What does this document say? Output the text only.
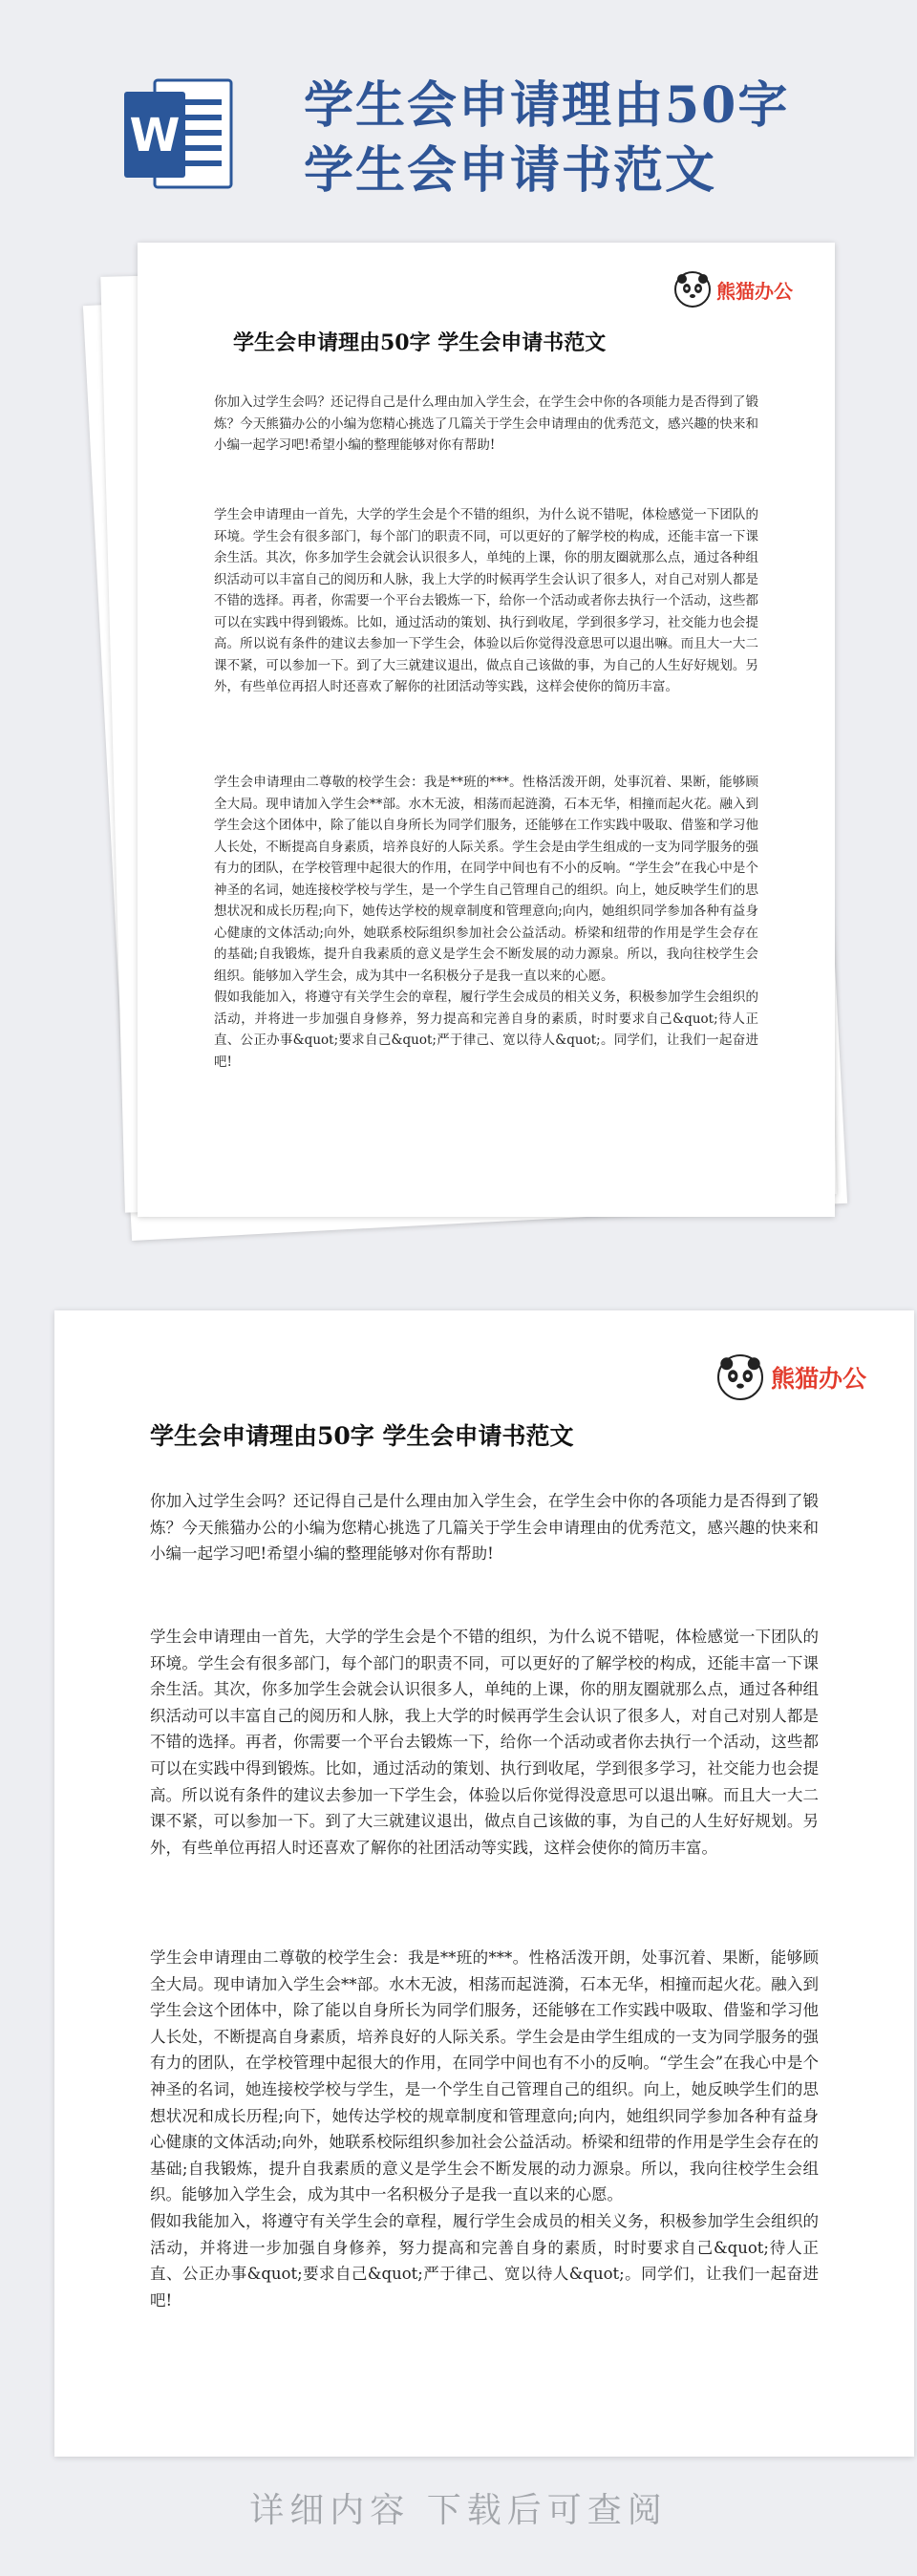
W
学生会申请理由50字
学生会申请书范文
熊猫办公
学生会申请理由50字 学生会申请书范文
你加入过学生会吗？还记得自己是什么理由加入学生会，在学生会中你的各项能力是否得到了锻炼？今天熊猫办公的小编为您精心挑选了几篇关于学生会申请理由的优秀范文，感兴趣的快来和小编一起学习吧!希望小编的整理能够对你有帮助!
学生会申请理由一首先，大学的学生会是个不错的组织，为什么说不错呢，体检感觉一下团队的环境。学生会有很多部门，每个部门的职责不同，可以更好的了解学校的构成，还能丰富一下课余生活。其次，你多加学生会就会认识很多人，单纯的上课，你的朋友圈就那么点，通过各种组织活动可以丰富自己的阅历和人脉，我上大学的时候再学生会认识了很多人，对自己对别人都是不错的选择。再者，你需要一个平台去锻炼一下，给你一个活动或者你去执行一个活动，这些都可以在实践中得到锻炼。比如，通过活动的策划、执行到收尾，学到很多学习，社交能力也会提高。所以说有条件的建议去参加一下学生会，体验以后你觉得没意思可以退出嘛。而且大一大二课不紧，可以参加一下。到了大三就建议退出，做点自己该做的事，为自己的人生好好规划。另外，有些单位再招人时还喜欢了解你的社团活动等实践，这样会使你的简历丰富。
学生会申请理由二尊敬的校学生会：我是**班的***。性格活泼开朗，处事沉着、果断，能够顾全大局。现申请加入学生会**部。水木无波，相荡而起涟漪，石本无华，相撞而起火花。融入到学生会这个团体中，除了能以自身所长为同学们服务，还能够在工作实践中吸取、借鉴和学习他人长处，不断提高自身素质，培养良好的人际关系。学生会是由学生组成的一支为同学服务的强有力的团队，在学校管理中起很大的作用，在同学中间也有不小的反响。“学生会”在我心中是个神圣的名词，她连接校学校与学生，是一个学生自己管理自己的组织。向上，她反映学生们的思想状况和成长历程;向下，她传达学校的规章制度和管理意向;向内，她组织同学参加各种有益身心健康的文体活动;向外，她联系校际组织参加社会公益活动。桥梁和纽带的作用是学生会存在的基础;自我锻炼，提升自我素质的意义是学生会不断发展的动力源泉。所以，我向往校学生会组织。能够加入学生会，成为其中一名积极分子是我一直以来的心愿。
假如我能加入，将遵守有关学生会的章程，履行学生会成员的相关义务，积极参加学生会组织的活动，并将进一步加强自身修养，努力提高和完善自身的素质，时时要求自己&quot;待人正直、公正办事&quot;要求自己&quot;严于律己、宽以待人&quot;。同学们，让我们一起奋进吧!
熊猫办公
学生会申请理由50字 学生会申请书范文
你加入过学生会吗？还记得自己是什么理由加入学生会，在学生会中你的各项能力是否得到了锻炼？今天熊猫办公的小编为您精心挑选了几篇关于学生会申请理由的优秀范文，感兴趣的快来和小编一起学习吧!希望小编的整理能够对你有帮助!
学生会申请理由一首先，大学的学生会是个不错的组织，为什么说不错呢，体检感觉一下团队的环境。学生会有很多部门，每个部门的职责不同，可以更好的了解学校的构成，还能丰富一下课余生活。其次，你多加学生会就会认识很多人，单纯的上课，你的朋友圈就那么点，通过各种组织活动可以丰富自己的阅历和人脉，我上大学的时候再学生会认识了很多人，对自己对别人都是不错的选择。再者，你需要一个平台去锻炼一下，给你一个活动或者你去执行一个活动，这些都可以在实践中得到锻炼。比如，通过活动的策划、执行到收尾，学到很多学习，社交能力也会提高。所以说有条件的建议去参加一下学生会，体验以后你觉得没意思可以退出嘛。而且大一大二课不紧，可以参加一下。到了大三就建议退出，做点自己该做的事，为自己的人生好好规划。另外，有些单位再招人时还喜欢了解你的社团活动等实践，这样会使你的简历丰富。
学生会申请理由二尊敬的校学生会：我是**班的***。性格活泼开朗，处事沉着、果断，能够顾全大局。现申请加入学生会**部。水木无波，相荡而起涟漪，石本无华，相撞而起火花。融入到学生会这个团体中，除了能以自身所长为同学们服务，还能够在工作实践中吸取、借鉴和学习他人长处，不断提高自身素质，培养良好的人际关系。学生会是由学生组成的一支为同学服务的强有力的团队，在学校管理中起很大的作用，在同学中间也有不小的反响。“学生会”在我心中是个神圣的名词，她连接校学校与学生，是一个学生自己管理自己的组织。向上，她反映学生们的思想状况和成长历程;向下，她传达学校的规章制度和管理意向;向内，她组织同学参加各种有益身心健康的文体活动;向外，她联系校际组织参加社会公益活动。桥梁和纽带的作用是学生会存在的基础;自我锻炼，提升自我素质的意义是学生会不断发展的动力源泉。所以，我向往校学生会组织。能够加入学生会，成为其中一名积极分子是我一直以来的心愿。
假如我能加入，将遵守有关学生会的章程，履行学生会成员的相关义务，积极参加学生会组织的活动，并将进一步加强自身修养，努力提高和完善自身的素质，时时要求自己&quot;待人正直、公正办事&quot;要求自己&quot;严于律己、宽以待人&quot;。同学们，让我们一起奋进吧!
详细内容 下载后可查阅
